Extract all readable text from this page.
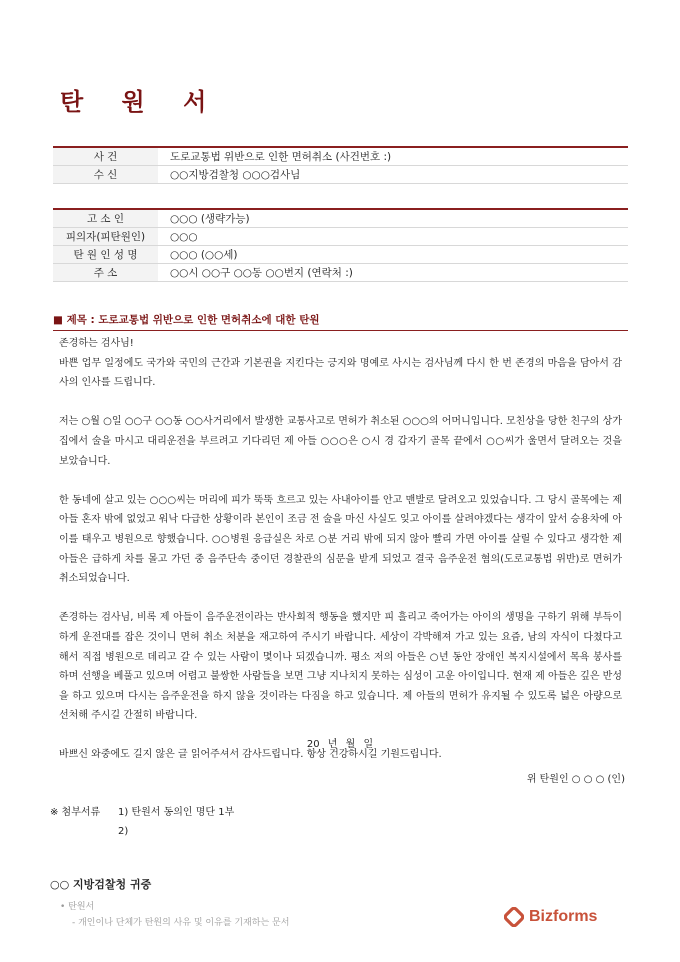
탄 원 서
사 건	도로교통법 위반으로 인한 면허취소 (사건번호 :)
수 신	○○지방검찰청 ○○○검사님
고 소 인	○○○ (생략가능)
피의자(피탄원인)	○○○
탄 원 인 성 명	○○○ (○○세)
주 소	○○시 ○○구 ○○동 ○○번지 (연락처 :)
■ 제목 : 도로교통법 위반으로 인한 면허취소에 대한 탄원

존경하는 검사님!

바쁜 업무 일정에도 국가와 국민의 근간과 기본권을 지킨다는 긍지와 명예로 사시는 검사님께 다시 한 번 존경의 마음을 담아서 감사의 인사를 드립니다.

저는 ○월 ○일 ○○구 ○○동 ○○사거리에서 발생한 교통사고로 면허가 취소된 ○○○의 어머니입니다. 모친상을 당한 친구의 상가집에서 술을 마시고 대리운전을 부르려고 기다리던 제 아들 ○○○은 ○시 경 갑자기 골목 끝에서 ○○씨가 울면서 달려오는 것을 보았습니다.

한 동네에 살고 있는 ○○○씨는 머리에 피가 뚝뚝 흐르고 있는 사내아이를 안고 맨발로 달려오고 있었습니다. 그 당시 골목에는 제 아들 혼자 밖에 없었고 워낙 다급한 상황이라 본인이 조금 전 술을 마신 사실도 잊고 아이를 살려야겠다는 생각이 앞서 승용차에 아이를 태우고 병원으로 향했습니다. ○○병원 응급실은 차로 ○분 거리 밖에 되지 않아 빨리 가면 아이를 살릴 수 있다고 생각한 제 아들은 급하게 차를 몰고 가던 중 음주단속 중이던 경찰관의 심문을 받게 되었고 결국 음주운전 혐의(도로교통법 위반)로 면허가 취소되었습니다.

존경하는 검사님, 비록 제 아들이 음주운전이라는 반사회적 행동을 했지만 피 흘리고 죽어가는 아이의 생명을 구하기 위해 부득이하게 운전대를 잡은 것이니 면허 취소 처분을 재고하여 주시기 바랍니다. 세상이 각박해져 가고 있는 요즘, 남의 자식이 다쳤다고 해서 직접 병원으로 데리고 갈 수 있는 사람이 몇이나 되겠습니까. 평소 저의 아들은 ○년 동안 장애인 복지시설에서 목욕 봉사를 하며 선행을 베풀고 있으며 어렵고 불쌍한 사람들을 보면 그냥 지나치지 못하는 심성이 고운 아이입니다. 현재 제 아들은 깊은 반성을 하고 있으며 다시는 음주운전을 하지 않을 것이라는 다짐을 하고 있습니다. 제 아들의 면허가 유지될 수 있도록 넓은 아량으로 선처해 주시길 간절히 바랍니다.

바쁘신 와중에도 길지 않은 글 읽어주셔서 감사드립니다. 항상 건강하시길 기원드립니다.

20 년 월 일
위 탄원인 ○ ○ ○ (인)
※ 첨부서류 1) 탄원서 동의인 명단 1부
2)
○○ 지방검찰청 귀중
• 탄원서
- 개인이나 단체가 탄원의 사유 및 이유를 기재하는 문서	Bizforms
